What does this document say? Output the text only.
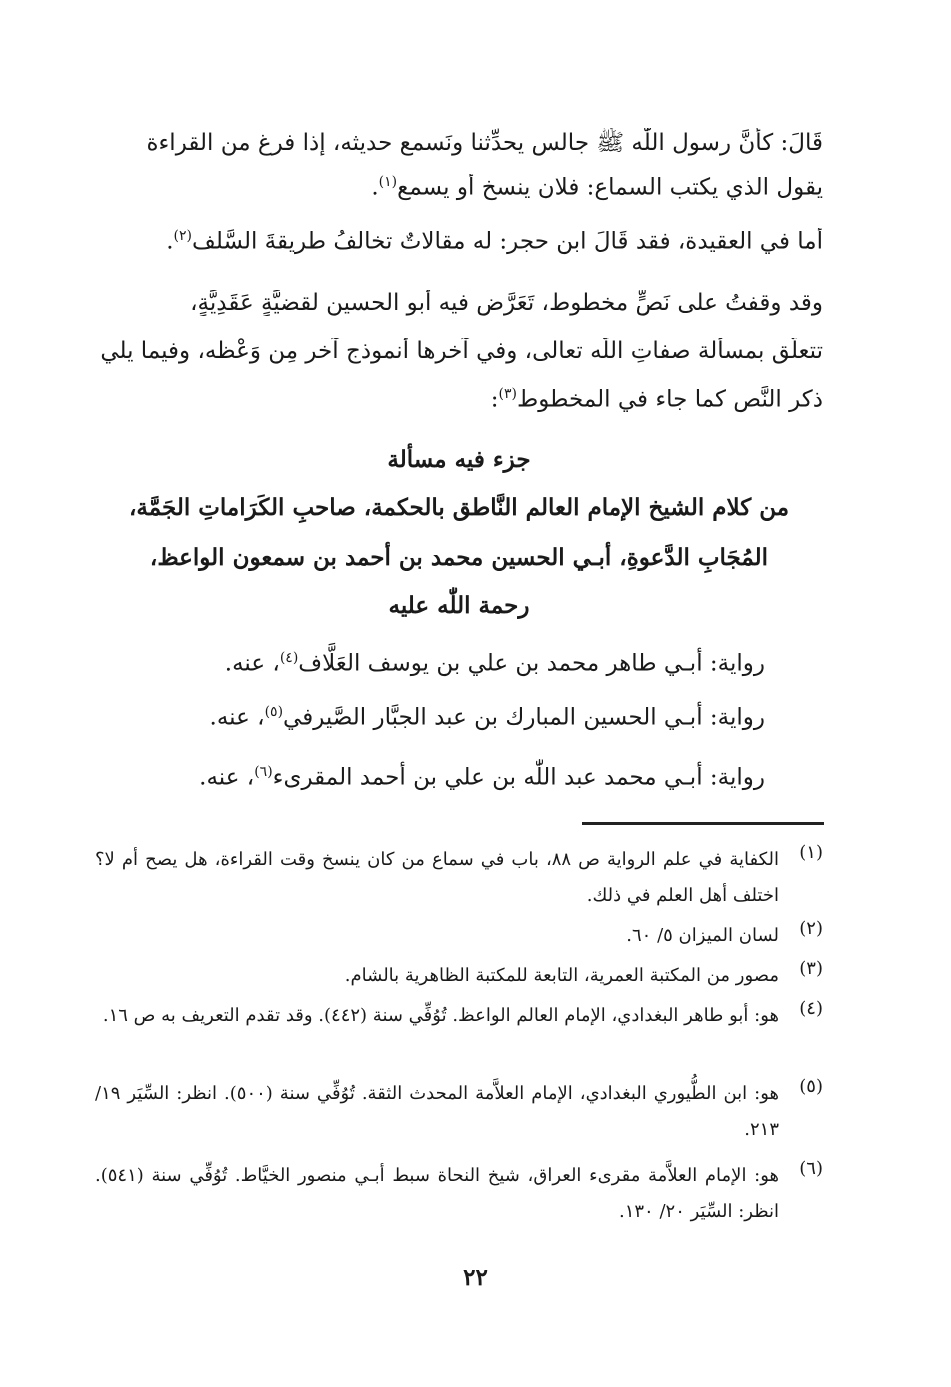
قَالَ: كأنَّ رسول اللّٰه ﷺ جالس يحدِّثنا ونَسمع حديثه، إذا فرغ من القراءة
يقول الذي يكتب السماع: فلان ينسخ أو يسمع$^{(١)}$.
أما في العقيدة، فقد قَالَ ابن حجر: له مقالاتٌ تخالفُ طريقةَ السَّلف$^{(٢)}$.
وقد وقفتُ على نَصٍّ مخطوط، تَعَرَّض فيه أبو الحسين لقضيَّةٍ عَقَدِيَّةٍ،
تتعلَّق بمسألة صفاتِ اللّٰه تعالى، وفي آخرها أنموذج آخر مِن وَعْظه، وفيما يلي
ذكر النَّص كما جاء في المخطوط$^{(٣)}$:
جزء فيه مسألة
من كلام الشيخ الإمام العالم النَّاطق بالحكمة، صاحبِ الكَرَاماتِ الجَمَّة،
المُجَابِ الدَّعوةِ، أبـي الحسين محمد بن أحمد بن سمعون الواعظ،
رحمة اللّٰه عليه
رواية: أبـي طاهر محمد بن علي بن يوسف العَلَّاف$^{(٤)}$، عنه.
رواية: أبـي الحسين المبارك بن عبد الجبَّار الصَّيرفي$^{(٥)}$، عنه.
رواية: أبـي محمد عبد اللّٰه بن علي بن أحمد المقرىء$^{(٦)}$، عنه.
(١)
الكفاية في علم الرواية ص ٨٨، باب في سماع من كان ينسخ وقت القراءة، هل يصح أم لا؟ اختلف أهل العلم في ذلك.
(٢)
لسان الميزان ٥/ ٦٠.
(٣)
مصور من المكتبة العمرية، التابعة للمكتبة الظاهرية بالشام.
(٤)
هو: أبو طاهر البغدادي، الإمام العالم الواعظ. تُوُفِّي سنة (٤٤٢). وقد تقدم التعريف به ص ١٦.
(٥)
هو: ابن الطُّيوري البغدادي، الإمام العلاَّمة المحدث الثقة. تُوُفِّي سنة (٥٠٠). انظر: السِّيَر ١٩/ ٢١٣.
(٦)
هو: الإمام العلاَّمة مقرىء العراق، شيخ النحاة سبط أبـي منصور الخيَّاط. تُوُفِّي سنة (٥٤١). انظر: السِّيَر ٢٠/ ١٣٠.
٢٢
